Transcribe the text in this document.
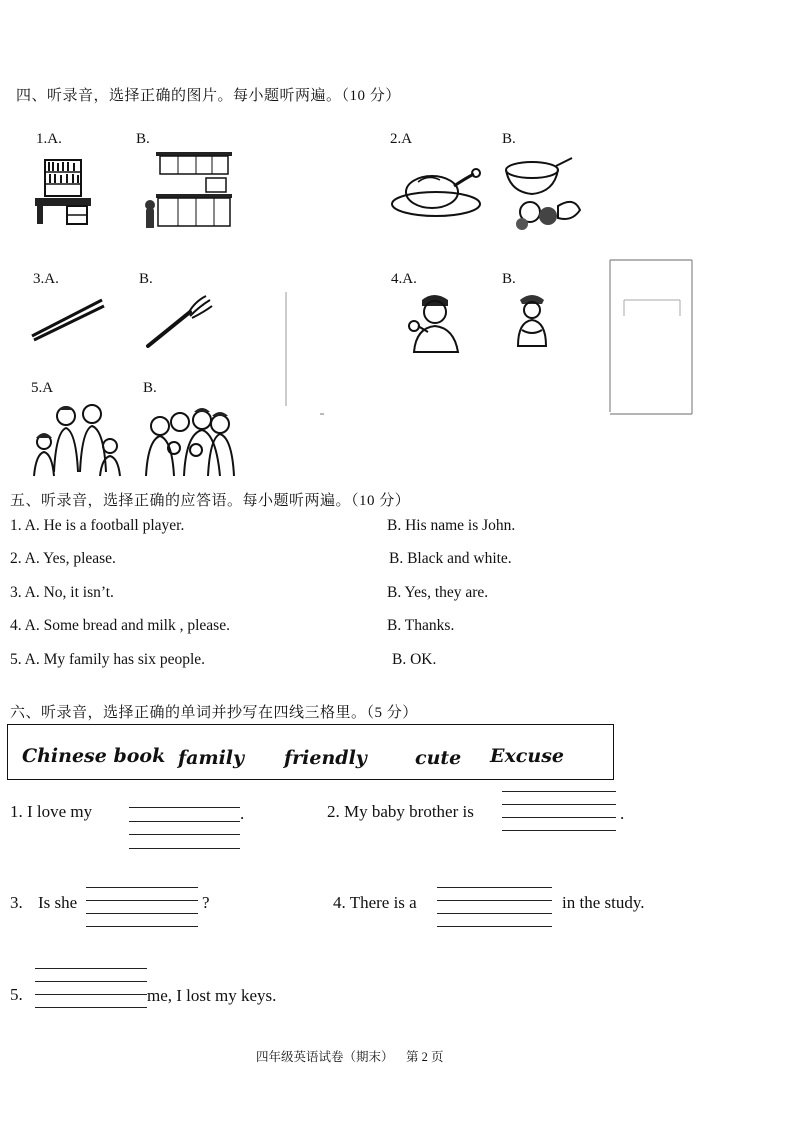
四、听录音，选择正确的图片。每小题听两遍。（10 分）
1.A.	B.	2.A	B.
3.A.	B.	4.A.	B.
5.A	B.
五、听录音，选择正确的应答语。每小题听两遍。（10 分）
1. A. He is a football player.	B. His name is John.
2. A. Yes, please.	B. Black and white.
3. A. No, it isn’t.	B. Yes, they are.
4. A. Some bread and milk , please.	B. Thanks.
5. A. My family has six people.	B. OK.
六、听录音，选择正确的单词并抄写在四线三格里。（5 分）
Chinese book family friendly	cute Excuse
1. I love my	.	2. My baby brother is	.
3. Is she	?	4. There is a	in the study.
5.	me, I lost my keys.
四年级英语试卷（期末）    第 2 页
